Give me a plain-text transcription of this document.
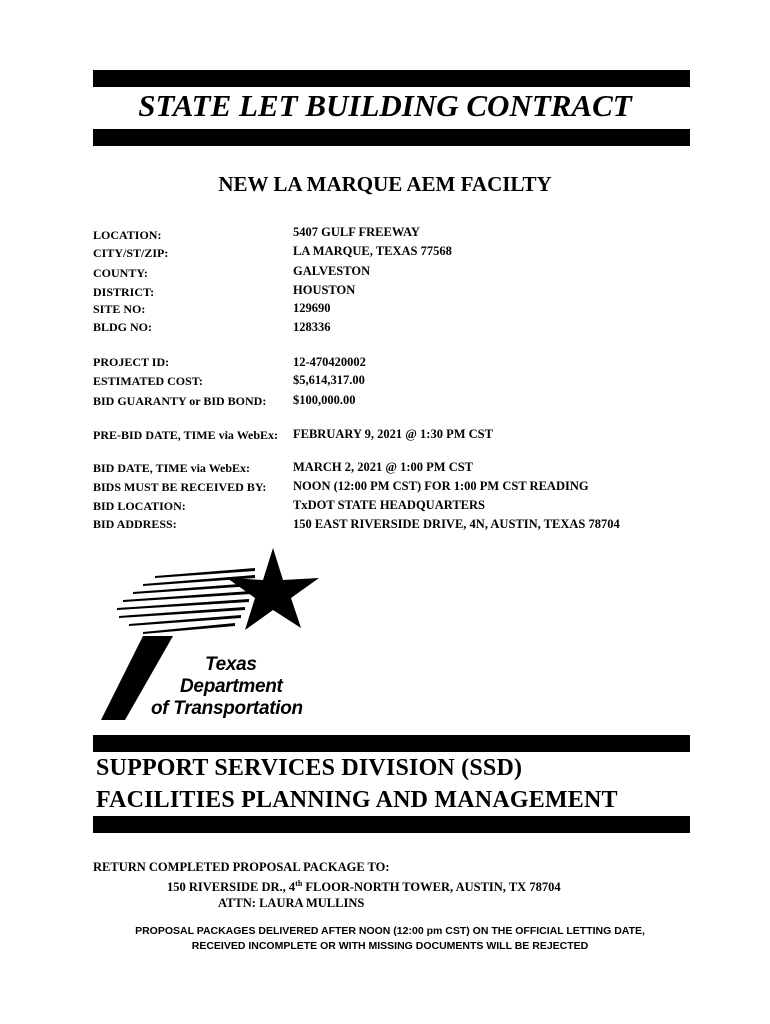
STATE LET BUILDING CONTRACT
NEW LA MARQUE AEM FACILTY
LOCATION:	5407 GULF FREEWAY
CITY/ST/ZIP:	LA MARQUE, TEXAS 77568
COUNTY:	GALVESTON
DISTRICT:	HOUSTON
SITE NO:	129690
BLDG NO:	128336
PROJECT ID:	12-470420002
ESTIMATED COST:	$5,614,317.00
BID GUARANTY or BID BOND: $100,000.00
PRE-BID DATE, TIME via WebEx: FEBRUARY 9, 2021 @ 1:30 PM CST
BID DATE, TIME via WebEx:	MARCH 2, 2021 @ 1:00 PM CST
BIDS MUST BE RECEIVED BY: NOON (12:00 PM CST) FOR 1:00 PM CST READING
BID LOCATION:	TxDOT STATE HEADQUARTERS
BID ADDRESS:	150 EAST RIVERSIDE DRIVE, 4N, AUSTIN, TEXAS 78704
Texas
Department
of Transportation
SUPPORT SERVICES DIVISION (SSD)
FACILITIES PLANNING AND MANAGEMENT
RETURN COMPLETED PROPOSAL PACKAGE TO:
150 RIVERSIDE DR., 4th FLOOR-NORTH TOWER, AUSTIN, TX 78704
ATTN: LAURA MULLINS
PROPOSAL PACKAGES DELIVERED AFTER NOON (12:00 pm CST) ON THE OFFICIAL LETTING DATE,
RECEIVED INCOMPLETE OR WITH MISSING DOCUMENTS WILL BE REJECTED
